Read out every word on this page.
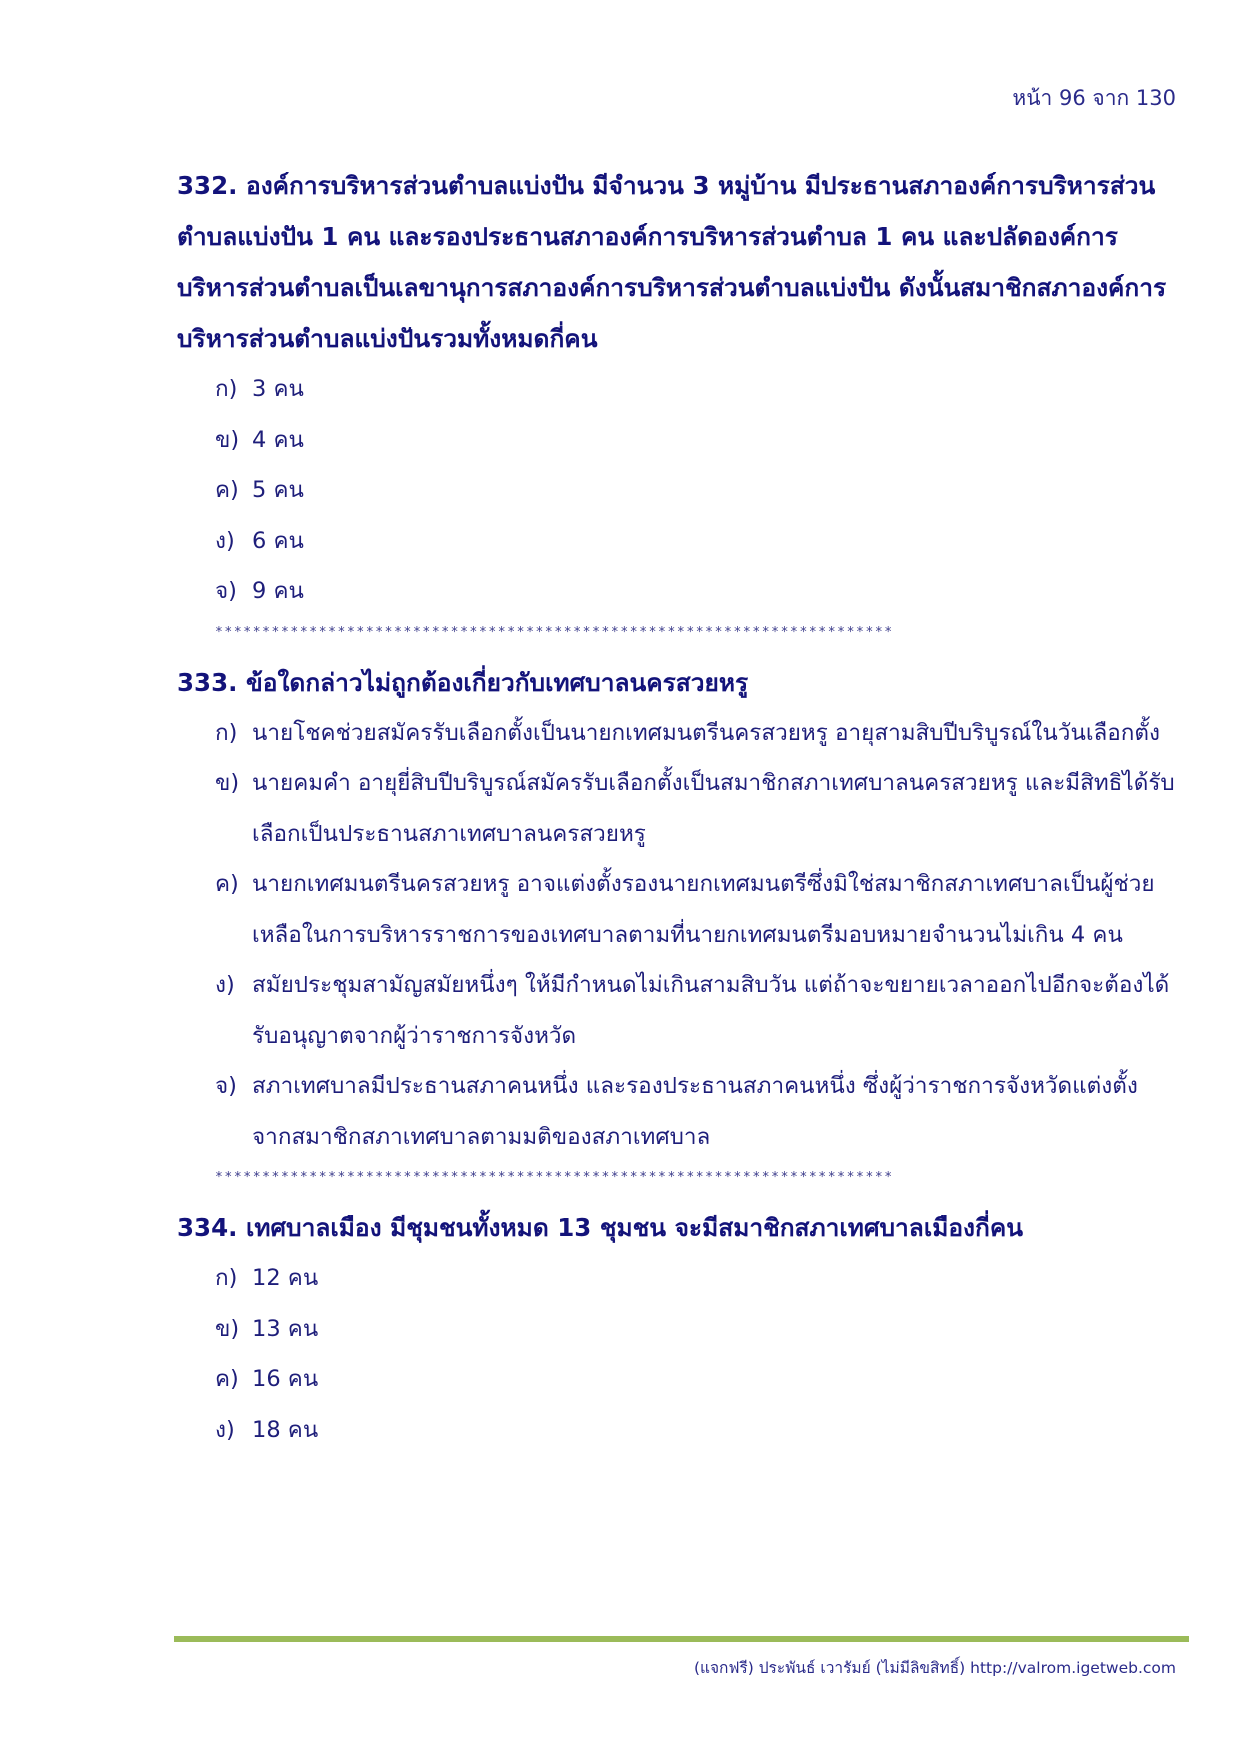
หน้า 96 จาก 130
332. องค์การบริหารส่วนตำบลแบ่งปัน มีจำนวน 3 หมู่บ้าน มีประธานสภาองค์การบริหารส่วนตำบลแบ่งปัน 1 คน และรองประธานสภาองค์การบริหารส่วนตำบล 1 คน และปลัดองค์การบริหารส่วนตำบลเป็นเลขานุการสภาองค์การบริหารส่วนตำบลแบ่งปัน ดังนั้นสมาชิกสภาองค์การบริหารส่วนตำบลแบ่งปันรวมทั้งหมดกี่คน
ก) 3 คน
ข) 4 คน
ค) 5 คน
ง) 6 คน
จ) 9 คน
************************************************************************
333. ข้อใดกล่าวไม่ถูกต้องเกี่ยวกับเทศบาลนครสวยหรู
ก) นายโชคช่วยสมัครรับเลือกตั้งเป็นนายกเทศมนตรีนครสวยหรู อายุสามสิบปีบริบูรณ์ในวันเลือกตั้ง
ข) นายคมคำ อายุยี่สิบปีบริบูรณ์สมัครรับเลือกตั้งเป็นสมาชิกสภาเทศบาลนครสวยหรู และมีสิทธิได้รับเลือกเป็นประธานสภาเทศบาลนครสวยหรู
ค) นายกเทศมนตรีนครสวยหรู อาจแต่งตั้งรองนายกเทศมนตรีซึ่งมิใช่สมาชิกสภาเทศบาลเป็นผู้ช่วยเหลือในการบริหารราชการของเทศบาลตามที่นายกเทศมนตรีมอบหมายจำนวนไม่เกิน 4 คน
ง) สมัยประชุมสามัญสมัยหนึ่งๆ ให้มีกำหนดไม่เกินสามสิบวัน แต่ถ้าจะขยายเวลาออกไปอีกจะต้องได้รับอนุญาตจากผู้ว่าราชการจังหวัด
จ) สภาเทศบาลมีประธานสภาคนหนึ่ง และรองประธานสภาคนหนึ่ง ซึ่งผู้ว่าราชการจังหวัดแต่งตั้งจากสมาชิกสภาเทศบาลตามมติของสภาเทศบาล
************************************************************************
334. เทศบาลเมือง มีชุมชนทั้งหมด 13 ชุมชน จะมีสมาชิกสภาเทศบาลเมืองกี่คน
ก) 12 คน
ข) 13 คน
ค) 16 คน
ง) 18 คน
(แจกฟรี) ประพันธ์ เวารัมย์ (ไม่มีลิขสิทธิ์) http://valrom.igetweb.com
